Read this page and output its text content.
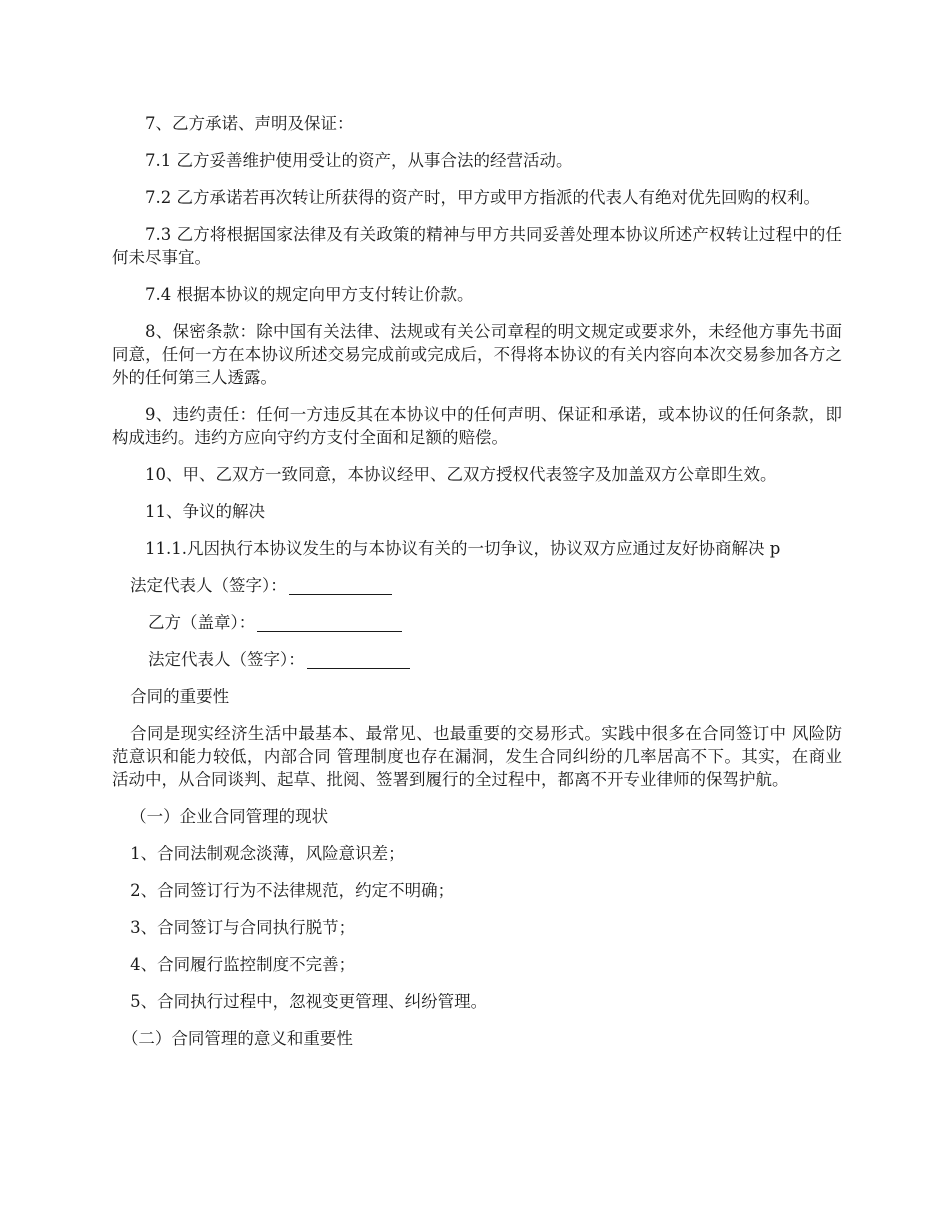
7、乙方承诺、声明及保证：

7.1 乙方妥善维护使用受让的资产，从事合法的经营活动。

7.2 乙方承诺若再次转让所获得的资产时，甲方或甲方指派的代表人有绝对优先回购的权利。

7.3 乙方将根据国家法律及有关政策的精神与甲方共同妥善处理本协议所述产权转让过程中的任何未尽事宜。

7.4 根据本协议的规定向甲方支付转让价款。

8、保密条款：除中国有关法律、法规或有关公司章程的明文规定或要求外，未经他方事先书面同意，任何一方在本协议所述交易完成前或完成后，不得将本协议的有关内容向本次交易参加各方之外的任何第三人透露。

9、违约责任：任何一方违反其在本协议中的任何声明、保证和承诺，或本协议的任何条款，即构成违约。违约方应向守约方支付全面和足额的赔偿。

10、甲、乙双方一致同意，本协议经甲、乙双方授权代表签字及加盖双方公章即生效。

11、争议的解决

11.1.凡因执行本协议发生的与本协议有关的一切争议，协议双方应通过友好协商解决 p

法定代表人（签字）：
乙方（盖章）：
法定代表人（签字）：

合同的重要性

合同是现实经济生活中最基本、最常见、也最重要的交易形式。实践中很多在合同签订中 风险防范意识和能力较低，内部合同 管理制度也存在漏洞，发生合同纠纷的几率居高不下。其实，在商业活动中，从合同谈判、起草、批阅、签署到履行的全过程中，都离不开专业律师的保驾护航。

（一）企业合同管理的现状

1、合同法制观念淡薄，风险意识差；

2、合同签订行为不法律规范，约定不明确；

3、合同签订与合同执行脱节；

4、合同履行监控制度不完善；

5、合同执行过程中，忽视变更管理、纠纷管理。

（二）合同管理的意义和重要性
